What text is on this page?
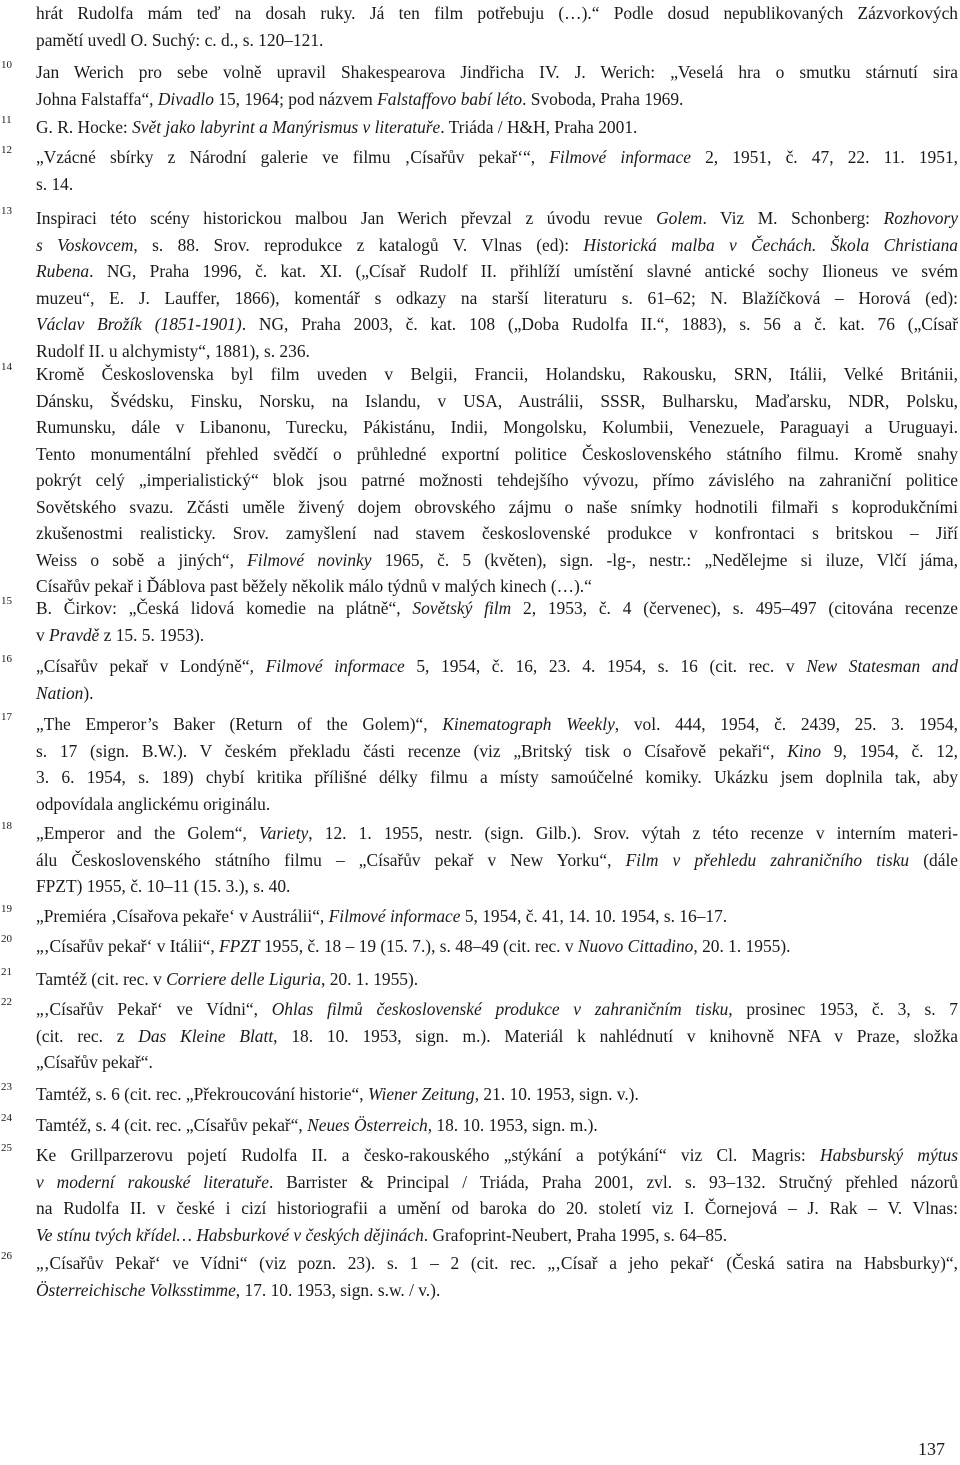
hrát Rudolfa mám teď na dosah ruky. Já ten film potřebuju (…).“ Podle dosud nepublikovaných Zázvorkových
pamětí uvedl O. Suchý: c. d., s. 120–121.
10 Jan Werich pro sebe volně upravil Shakespearova Jindřicha IV. J. Werich: „Veselá hra o smutku stárnutí sira
Johna Falstaffa“, Divadlo 15, 1964; pod názvem Falstaffovo babí léto. Svoboda, Praha 1969.
11 G. R. Hocke: Svět jako labyrint a Manýrismus v literatuře. Triáda / H&H, Praha 2001.
12 „Vzácné sbírky z Národní galerie ve filmu ‚Císařův pekař‘“, Filmové informace 2, 1951, č. 47, 22. 11. 1951,
s. 14.
13 Inspiraci této scény historickou malbou Jan Werich převzal z úvodu revue Golem. Viz M. Schonberg: Rozhovory
s Voskovcem, s. 88. Srov. reprodukce z katalogů V. Vlnas (ed): Historická malba v Čechách. Škola Christiana
Rubena. NG, Praha 1996, č. kat. XI. („Císař Rudolf II. přihlíží umístění slavné antické sochy Ilioneus ve svém
muzeu“, E. J. Lauffer, 1866), komentář s odkazy na starší literaturu s. 61–62; N. Blažíčková – Horová (ed):
Václav Brožík (1851-1901). NG, Praha 2003, č. kat. 108 („Doba Rudolfa II.“, 1883), s. 56 a č. kat. 76 („Císař
Rudolf II. u alchymisty“, 1881), s. 236.
14 Kromě Československa byl film uveden v Belgii, Francii, Holandsku, Rakousku, SRN, Itálii, Velké Británii,
Dánsku, Švédsku, Finsku, Norsku, na Islandu, v USA, Austrálii, SSSR, Bulharsku, Maďarsku, NDR, Polsku,
Rumunsku, dále v Libanonu, Turecku, Pákistánu, Indii, Mongolsku, Kolumbii, Venezuele, Paraguayi a Uruguayi.
Tento monumentální přehled svědčí o průhledné exportní politice Československého státního filmu. Kromě snahy
pokrýt celý „imperialistický“ blok jsou patrné možnosti tehdejšího vývozu, přímo závislého na zahraniční politice
Sovětského svazu. Zčásti uměle živený dojem obrovského zájmu o naše snímky hodnotili filmaři s koprodukčními
zkušenostmi realisticky. Srov. zamyšlení nad stavem československé produkce v konfrontaci s britskou – Jiří
Weiss o sobě a jiných“, Filmové novinky 1965, č. 5 (květen), sign. -lg-, nestr.: „Nedělejme si iluze, Vlčí jáma,
Císařův pekař i Ďáblova past běžely několik málo týdnů v malých kinech (…).“
15 B. Čirkov: „Česká lidová komedie na plátně“, Sovětský film 2, 1953, č. 4 (červenec), s. 495–497 (citována recenze
v Pravdě z 15. 5. 1953).
16 „Císařův pekař v Londýně“, Filmové informace 5, 1954, č. 16, 23. 4. 1954, s. 16 (cit. rec. v New Statesman and
Nation).
17 „The Emperor’s Baker (Return of the Golem)“, Kinematograph Weekly, vol. 444, 1954, č. 2439, 25. 3. 1954,
s. 17 (sign. B.W.). V českém překladu části recenze (viz „Britský tisk o Císařově pekaři“, Kino 9, 1954, č. 12,
3. 6. 1954, s. 189) chybí kritika přílišné délky filmu a místy samoúčelné komiky. Ukázku jsem doplnila tak, aby
odpovídala anglickému originálu.
18 „Emperor and the Golem“, Variety, 12. 1. 1955, nestr. (sign. Gilb.). Srov. výtah z této recenze v interním materi-
álu Československého státního filmu – „Císařův pekař v New Yorku“, Film v přehledu zahraničního tisku (dále
FPZT) 1955, č. 10–11 (15. 3.), s. 40.
19 „Premiéra ‚Císařova pekaře‘ v Austrálii“, Filmové informace 5, 1954, č. 41, 14. 10. 1954, s. 16–17.
20 „‚Císařův pekař‘ v Itálii“, FPZT 1955, č. 18 – 19 (15. 7.), s. 48–49 (cit. rec. v Nuovo Cittadino, 20. 1. 1955).
21 Tamtéž (cit. rec. v Corriere delle Liguria, 20. 1. 1955).
22 „‚Císařův Pekař‘ ve Vídni“, Ohlas filmů československé produkce v zahraničním tisku, prosinec 1953, č. 3, s. 7
(cit. rec. z Das Kleine Blatt, 18. 10. 1953, sign. m.). Materiál k nahlédnutí v knihovně NFA v Praze, složka
„Císařův pekař“.
23 Tamtéž, s. 6 (cit. rec. „Překroucování historie“, Wiener Zeitung, 21. 10. 1953, sign. v.).
24 Tamtéž, s. 4 (cit. rec. „Císařův pekař“, Neues Österreich, 18. 10. 1953, sign. m.).
25 Ke Grillparzerovu pojetí Rudolfa II. a česko-rakouského „stýkání a potýkání“ viz Cl. Magris: Habsburský mýtus
v moderní rakouské literatuře. Barrister & Principal / Triáda, Praha 2001, zvl. s. 93–132. Stručný přehled názorů
na Rudolfa II. v české i cizí historiografii a umění od baroka do 20. století viz I. Čornejová – J. Rak – V. Vlnas:
Ve stínu tvých křídel… Habsburkové v českých dějinách. Grafoprint-Neubert, Praha 1995, s. 64–85.
26 „‚Císařův Pekař‘ ve Vídni“ (viz pozn. 23). s. 1 – 2 (cit. rec. „‚Císař a jeho pekař‘ (Česká satira na Habsburky)“,
Österreichische Volksstimme, 17. 10. 1953, sign. s.w. / v.).
137
